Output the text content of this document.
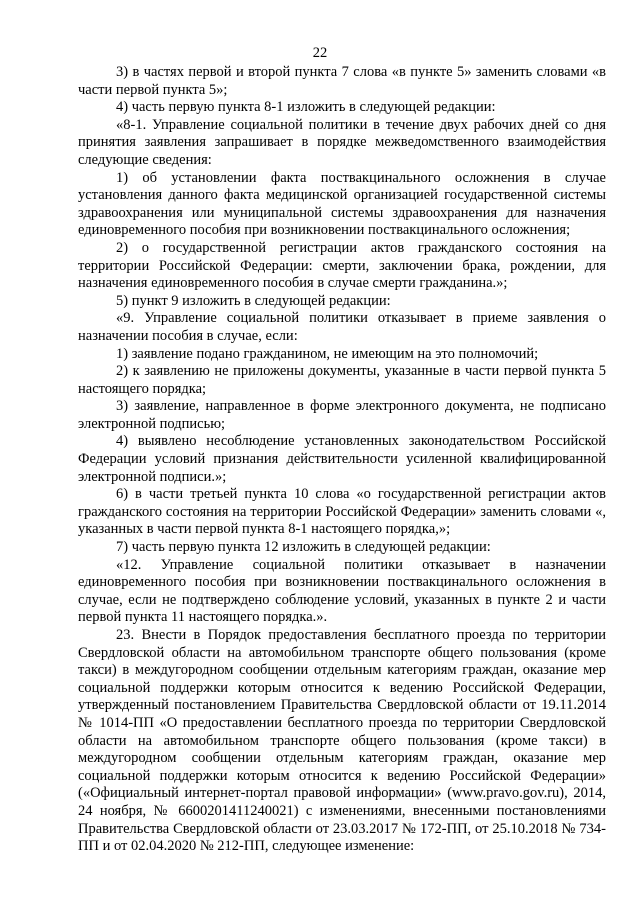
22

3) в частях первой и второй пункта 7 слова «в пункте 5» заменить словами «в части первой пункта 5»;

4) часть первую пункта 8-1 изложить в следующей редакции:

«8-1. Управление социальной политики в течение двух рабочих дней со дня принятия заявления запрашивает в порядке межведомственного взаимодействия следующие сведения:

1) об установлении факта поствакцинального осложнения в случае установления данного факта медицинской организацией государственной системы здравоохранения или муниципальной системы здравоохранения для назначения единовременного пособия при возникновении поствакцинального осложнения;

2) о государственной регистрации актов гражданского состояния на территории Российской Федерации: смерти, заключении брака, рождении, для назначения единовременного пособия в случае смерти гражданина.»;

5) пункт 9 изложить в следующей редакции:

«9. Управление социальной политики отказывает в приеме заявления о назначении пособия в случае, если:

1) заявление подано гражданином, не имеющим на это полномочий;

2) к заявлению не приложены документы, указанные в части первой пункта 5 настоящего порядка;

3) заявление, направленное в форме электронного документа, не подписано электронной подписью;

4) выявлено несоблюдение установленных законодательством Российской Федерации условий признания действительности усиленной квалифицированной электронной подписи.»;

6) в части третьей пункта 10 слова «о государственной регистрации актов гражданского состояния на территории Российской Федерации» заменить словами «, указанных в части первой пункта 8-1 настоящего порядка,»;

7) часть первую пункта 12 изложить в следующей редакции:

«12. Управление социальной политики отказывает в назначении единовременного пособия при возникновении поствакцинального осложнения в случае, если не подтверждено соблюдение условий, указанных в пункте 2 и части первой пункта 11 настоящего порядка.».

23. Внести в Порядок предоставления бесплатного проезда по территории Свердловской области на автомобильном транспорте общего пользования (кроме такси) в междугородном сообщении отдельным категориям граждан, оказание мер социальной поддержки которым относится к ведению Российской Федерации, утвержденный постановлением Правительства Свердловской области от 19.11.2014 № 1014-ПП «О предоставлении бесплатного проезда по территории Свердловской области на автомобильном транспорте общего пользования (кроме такси) в междугородном сообщении отдельным категориям граждан, оказание мер социальной поддержки которым относится к ведению Российской Федерации» («Официальный интернет-портал правовой информации» (www.pravo.gov.ru), 2014, 24 ноября, № 6600201411240021) с изменениями, внесенными постановлениями Правительства Свердловской области от 23.03.2017 № 172-ПП, от 25.10.2018 № 734-ПП и от 02.04.2020 № 212-ПП, следующее изменение:
